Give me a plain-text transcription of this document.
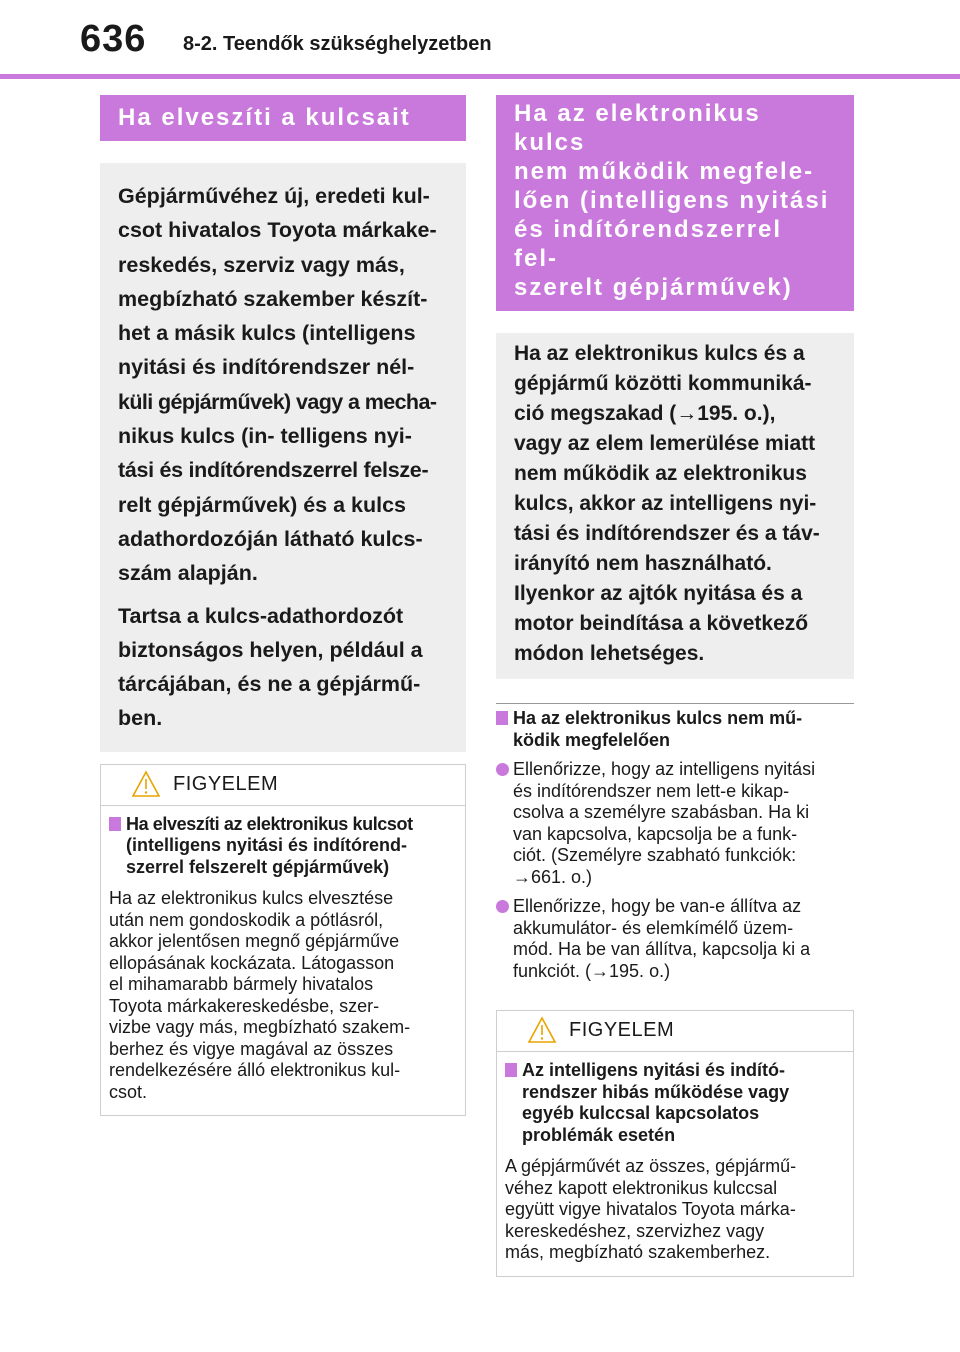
636 8-2. Teendők szükséghelyzetben
Ha elveszíti a kulcsait

Gépjárművéhez új, eredeti kul-
csot hivatalos Toyota márkake-
reskedés, szerviz vagy más,
megbízható szakember készít-
het a másik kulcs (intelligens
nyitási és indítórendszer nél-
küli gépjárművek) vagy a mecha-
nikus kulcs (in- telligens nyi-
tási és indítórendszerrel felsze-
relt gépjárművek) és a kulcs
adathordozóján látható kulcs-
szám alapján.

Tartsa a kulcs-adathordozót
biztonságos helyen, például a
tárcájában, és ne a gépjármű-
ben.

FIGYELEM
Ha elveszíti az elektronikus kulcsot
(intelligens nyitási és indítórend-
szerrel felszerelt gépjárművek)

Ha az elektronikus kulcs elvesztése
után nem gondoskodik a pótlásról,
akkor jelentősen megnő gépjárműve
ellopásának kockázata. Látogasson
el mihamarabb bármely hivatalos
Toyota márkakereskedésbe, szer-
vizbe vagy más, megbízható szakem-
berhez és vigye magával az összes
rendelkezésére álló elektronikus kul-
csot.

Ha az elektronikus kulcs
nem működik megfele-
lően (intelligens nyitási
és indítórendszerrel fel-
szerelt gépjárművek)

Ha az elektronikus kulcs és a
gépjármű közötti kommuniká-
ció megszakad (→195. o.),
vagy az elem lemerülése miatt
nem működik az elektronikus
kulcs, akkor az intelligens nyi-
tási és indítórendszer és a táv-
irányító nem használható.
Ilyenkor az ajtók nyitása és a
motor beindítása a következő
módon lehetséges.

Ha az elektronikus kulcs nem mű-
ködik megfelelően
Ellenőrizze, hogy az intelligens nyitási
és indítórendszer nem lett-e kikap-
csolva a személyre szabásban. Ha ki
van kapcsolva, kapcsolja be a funk-
ciót. (Személyre szabható funkciók:
→661. o.)
Ellenőrizze, hogy be van-e állítva az
akkumulátor- és elemkímélő üzem-
mód. Ha be van állítva, kapcsolja ki a
funkciót. (→195. o.)
FIGYELEM
Az intelligens nyitási és indító-
rendszer hibás működése vagy
egyéb kulccsal kapcsolatos
problémák esetén

A gépjárművét az összes, gépjármű-
véhez kapott elektronikus kulccsal
együtt vigye hivatalos Toyota márka-
kereskedéshez, szervizhez vagy
más, megbízható szakemberhez.
